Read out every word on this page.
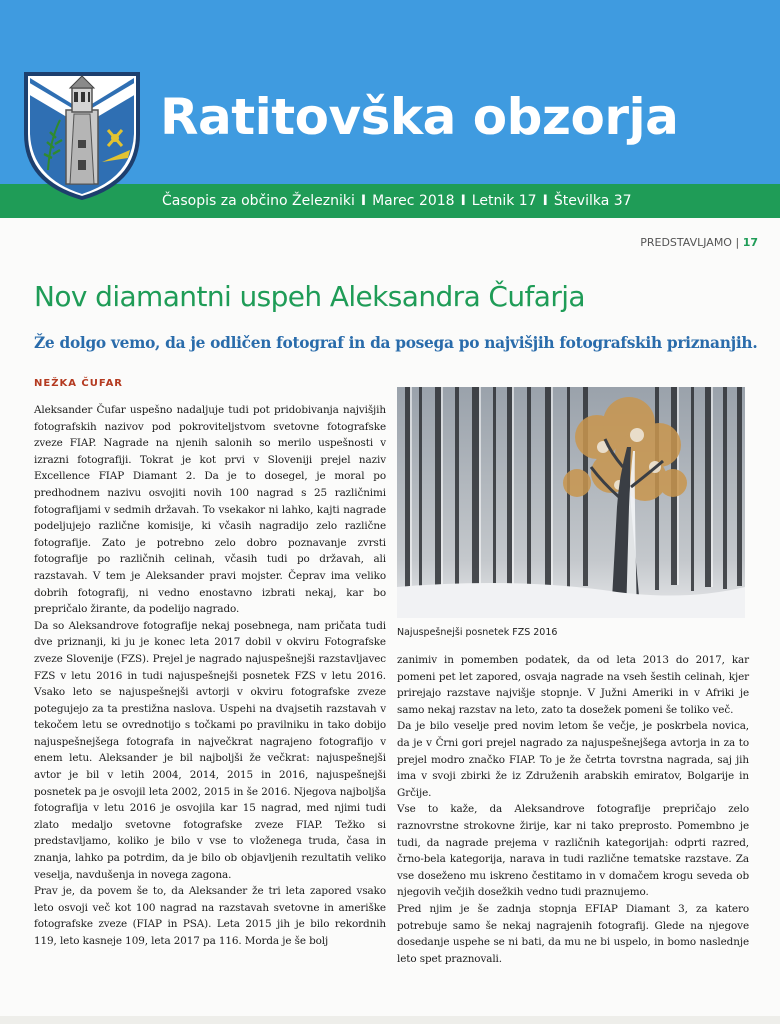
Ratitovška obzorja
Časopis za občino Železniki I Marec 2018 I Letnik 17 I Številka 37
PREDSTAVLJAMO | 17
Nov diamantni uspeh Aleksandra Čufarja
Že dolgo vemo, da je odličen fotograf in da posega po najvišjih fotografskih priznanjih.
NEŽKA ČUFAR

Aleksander Čufar uspešno nadaljuje tudi pot pridobivanja najvišjih fotografskih nazivov pod pokroviteljstvom svetovne fotografske zveze FIAP. Nagrade na njenih salonih so merilo uspešnosti v izrazni fotografiji. Tokrat je kot prvi v Sloveniji prejel naziv Excellence FIAP Diamant 2. Da je to dosegel, je moral po predhodnem nazivu osvojiti novih 100 nagrad s 25 različnimi fotografijami v sedmih državah. To vsekakor ni lahko, kajti nagrade podeljujejo različne komisije, ki včasih nagradijo zelo različne fotografije. Zato je potrebno zelo dobro poznavanje zvrsti fotografije po različnih celinah, včasih tudi po državah, ali razstavah. V tem je Aleksander pravi mojster. Čeprav ima veliko dobrih fotografij, ni vedno enostavno izbrati nekaj, kar bo prepričalo žirante, da podelijo nagrado.

Da so Aleksandrove fotografije nekaj posebnega, nam pričata tudi dve priznanji, ki ju je konec leta 2017 dobil v okviru Fotografske zveze Slovenije (FZS). Prejel je nagrado najuspešnejši razstavljavec FZS v letu 2016 in tudi najuspešnejši posnetek FZS v letu 2016. Vsako leto se najuspešnejši avtorji v okviru fotografske zveze potegujejo za ta prestižna naslova. Uspehi na dvajsetih razstavah v tekočem letu se ovrednotijo s točkami po pravilniku in tako dobijo najuspešnejšega fotografa in največkrat nagrajeno fotografijo v enem letu. Aleksander je bil najboljši že večkrat: najuspešnejši avtor je bil v letih 2004, 2014, 2015 in 2016, najuspešnejši posnetek pa je osvojil leta 2002, 2015 in še 2016. Njegova najboljša fotografija v letu 2016 je osvojila kar 15 nagrad, med njimi tudi zlato medaljo svetovne fotografske zveze FIAP. Težko si predstavljamo, koliko je bilo v vse to vloženega truda, časa in znanja, lahko pa potrdim, da je bilo ob objavljenih rezultatih veliko veselja, navdušenja in novega zagona.

Prav je, da povem še to, da Aleksander že tri leta zapored vsako leto osvoji več kot 100 nagrad na razstavah svetovne in ameriške fotografske zveze (FIAP in PSA). Leta 2015 jih je bilo rekordnih 119, leto kasneje 109, leta 2017 pa 116. Morda je še bolj

Najuspešnejši posnetek FZS 2016

zanimiv in pomemben podatek, da od leta 2013 do 2017, kar pomeni pet let zapored, osvaja nagrade na vseh šestih celinah, kjer prirejajo razstave najvišje stopnje. V Južni Ameriki in v Afriki je samo nekaj razstav na leto, zato ta dosežek pomeni še toliko več.

Da je bilo veselje pred novim letom še večje, je poskrbela novica, da je v Črni gori prejel nagrado za najuspešnejšega avtorja in za to prejel modro značko FIAP. To je že četrta tovrstna nagrada, saj jih ima v svoji zbirki že iz Združenih arabskih emiratov, Bolgarije in Grčije.

Vse to kaže, da Aleksandrove fotografije prepričajo zelo raznovrstne strokovne žirije, kar ni tako preprosto. Pomembno je tudi, da nagrade prejema v različnih kategorijah: odprti razred, črno-bela kategorija, narava in tudi različne tematske razstave. Za vse doseženo mu iskreno čestitamo in v domačem krogu seveda ob njegovih večjih dosežkih vedno tudi praznujemo.

Pred njim je še zadnja stopnja EFIAP Diamant 3, za katero potrebuje samo še nekaj nagrajenih fotografij. Glede na njegove dosedanje uspehe se ni bati, da mu ne bi uspelo, in bomo naslednje leto spet praznovali.
